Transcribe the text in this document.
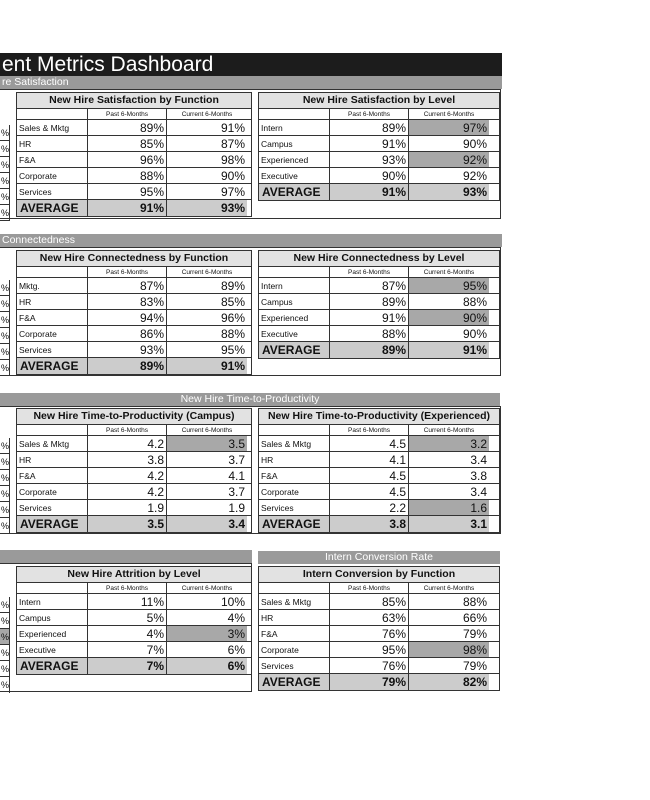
ent Metrics Dashboard
re Satisfaction
%
%
%
%
%
%
New Hire Satisfaction by Function
Past 6-Months	Current 6-Months
Sales & Mktg	89%	91%
HR	85%	87%
F&A	96%	98%
Corporate	88%	90%
Services	95%	97%
AVERAGE	91%	93%
New Hire Satisfaction by Level
Past 6-Months	Current 6-Months
Intern	89%	97%
Campus	91%	90%
Experienced	93%	92%
Executive	90%	92%
AVERAGE	91%	93%
Connectedness
%
%
%
%
%
%
New Hire Connectedness by Function
Past 6-Months	Current 6-Months
Mktg.	87%	89%
HR	83%	85%
F&A	94%	96%
Corporate	86%	88%
Services	93%	95%
AVERAGE	89%	91%
New Hire Connectedness by Level
Past 6-Months	Current 6-Months
Intern	87%	95%
Campus	89%	88%
Experienced	91%	90%
Executive	88%	90%
AVERAGE	89%	91%
New Hire Time-to-Productivity
%
%
%
%
%
%
New Hire Time-to-Productivity (Campus)
Past 6-Months	Current 6-Months
Sales & Mktg	4.2	3.5
HR	3.8	3.7
F&A	4.2	4.1
Corporate	4.2	3.7
Services	1.9	1.9
AVERAGE	3.5	3.4
New Hire Time-to-Productivity (Experienced)
Past 6-Months	Current 6-Months
Sales & Mktg	4.5	3.2
HR	4.1	3.4
F&A	4.5	3.8
Corporate	4.5	3.4
Services	2.2	1.6
AVERAGE	3.8	3.1
Intern Conversion Rate
%
%
%
%
%
%
New Hire Attrition by Level
Past 6-Months	Current 6-Months
Intern	11%	10%
Campus	5%	4%
Experienced	4%	3%
Executive	7%	6%
AVERAGE	7%	6%
Intern Conversion by Function
Past 6-Months	Current 6-Months
Sales & Mktg	85%	88%
HR	63%	66%
F&A	76%	79%
Corporate	95%	98%
Services	76%	79%
AVERAGE	79%	82%
